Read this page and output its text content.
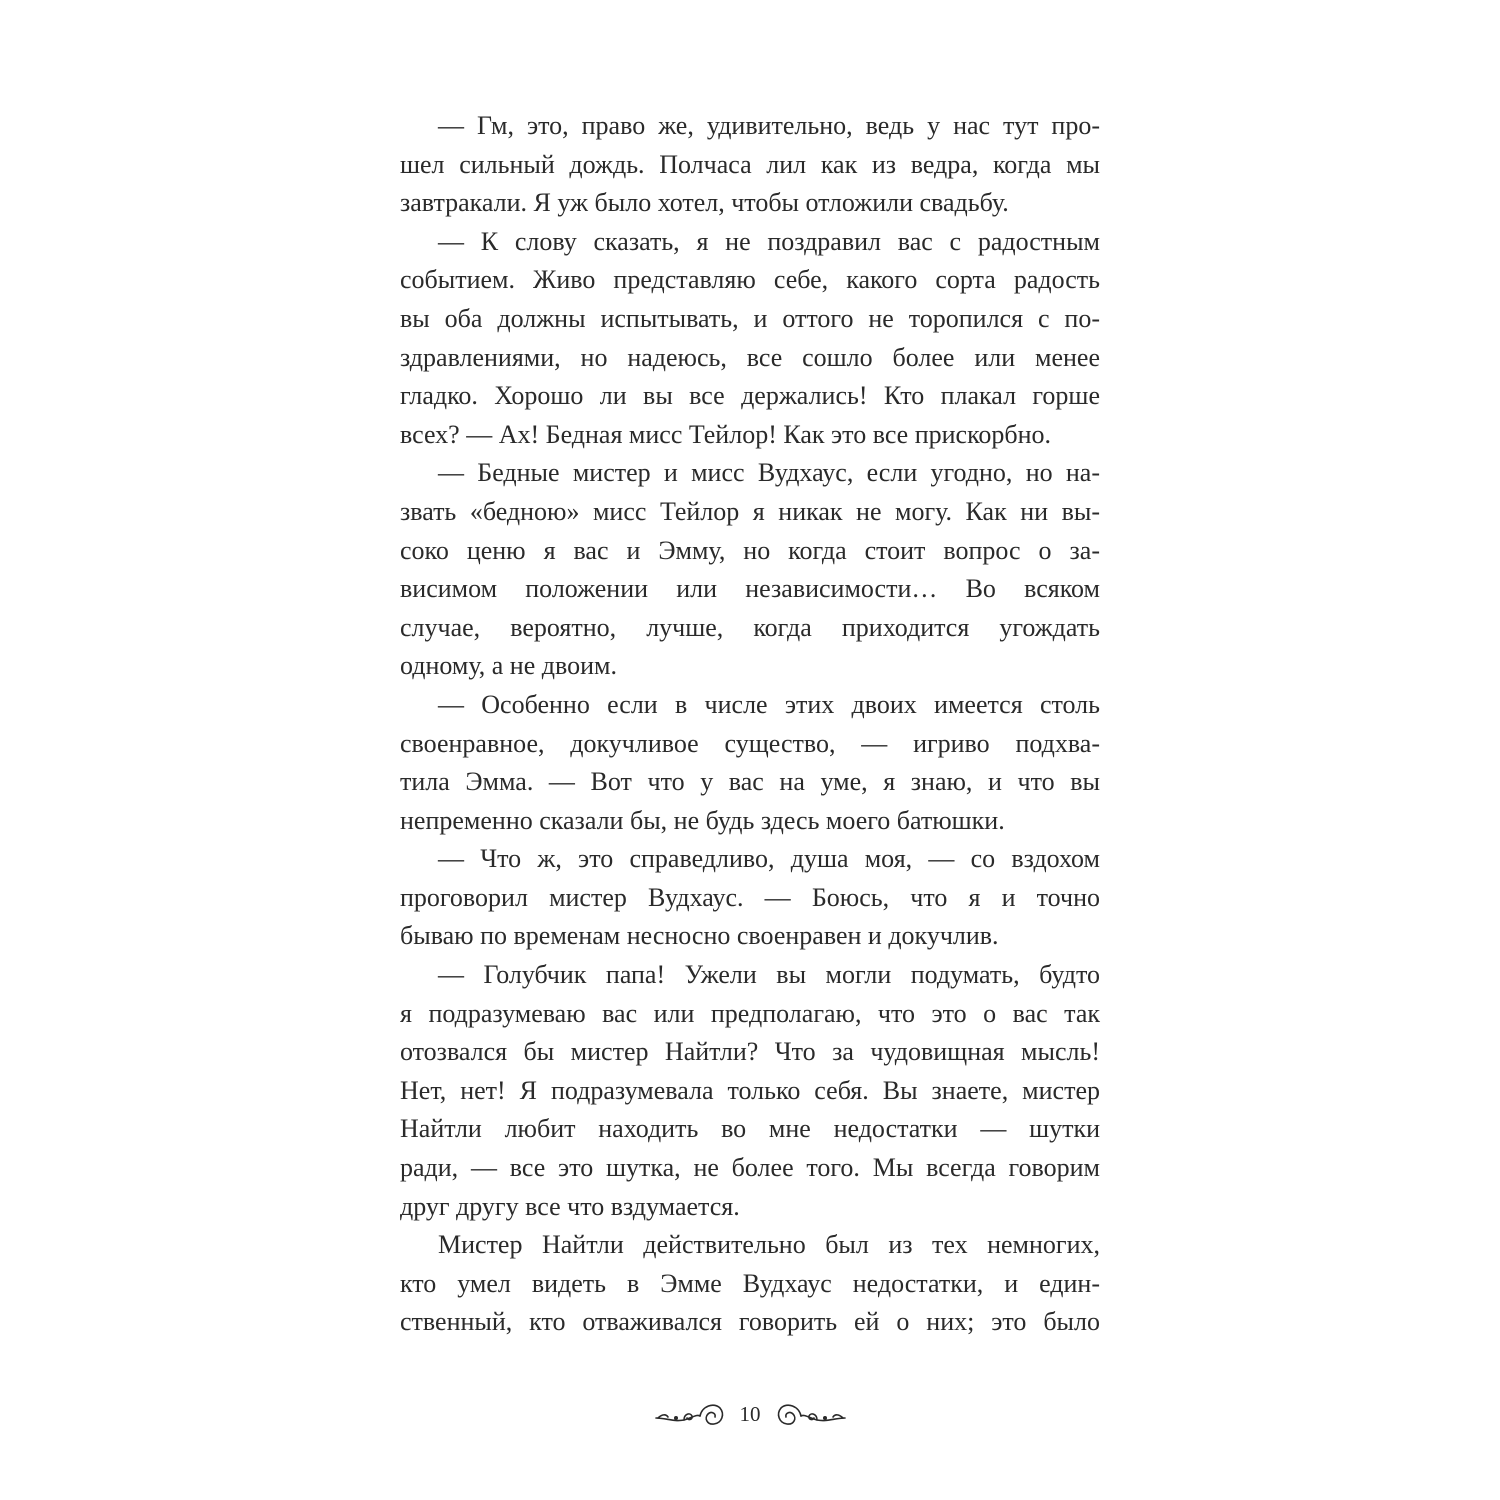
— Гм, это, право же, удивительно, ведь у нас тут про-
шел сильный дождь. Полчаса лил как из ведра, когда мы
завтракали. Я уж было хотел, чтобы отложили свадьбу.
— К слову сказать, я не поздравил вас с радостным
событием. Живо представляю себе, какого сорта радость
вы оба должны испытывать, и оттого не торопился с по-
здравлениями, но надеюсь, все сошло более или менее
гладко. Хорошо ли вы все держались! Кто плакал горше
всех? — Ах! Бедная мисс Тейлор! Как это все прискорбно.
— Бедные мистер и мисс Вудхаус, если угодно, но на-
звать «бедною» мисс Тейлор я никак не могу. Как ни вы-
соко ценю я вас и Эмму, но когда стоит вопрос о за-
висимом положении или независимости… Во всяком
случае, вероятно, лучше, когда приходится угождать
одному, а не двоим.
— Особенно если в числе этих двоих имеется столь
своенравное, докучливое существо, — игриво подхва-
тила Эмма. — Вот что у вас на уме, я знаю, и что вы
непременно сказали бы, не будь здесь моего батюшки.
— Что ж, это справедливо, душа моя, — со вздохом
проговорил мистер Вудхаус. — Боюсь, что я и точно
бываю по временам несносно своенравен и докучлив.
— Голубчик папа! Ужели вы могли подумать, будто
я подразумеваю вас или предполагаю, что это о вас так
отозвался бы мистер Найтли? Что за чудовищная мысль!
Нет, нет! Я подразумевала только себя. Вы знаете, мистер
Найтли любит находить во мне недостатки — шутки
ради, — все это шутка, не более того. Мы всегда говорим
друг другу все что вздумается.
Мистер Найтли действительно был из тех немногих,
кто умел видеть в Эмме Вудхаус недостатки, и един-
ственный, кто отваживался говорить ей о них; это было
10
